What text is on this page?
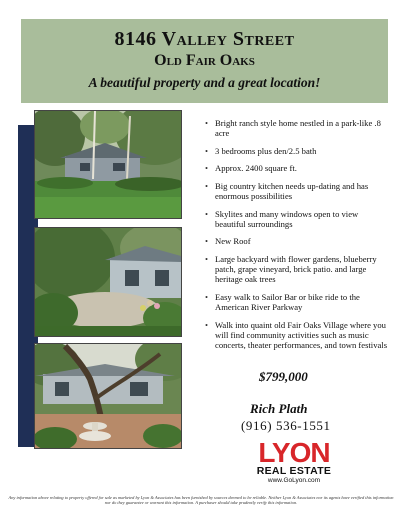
8146 Valley Street
Old Fair Oaks
A beautiful property and a great location!
• Bright ranch style home nestled in a park-like .8 acre
• 3 bedrooms plus den/2.5 bath
• Approx. 2400 square ft.
• Big country kitchen needs up-dating and has enormous possibilities
• Skylites and many windows open to view beautiful surroundings
• New Roof
• Large backyard with flower gardens, blueberry patch, grape vineyard, brick patio. and large heritage oak trees
• Easy walk to Sailor Bar or bike ride to the American River Parkway
• Walk into quaint old Fair Oaks Village where you will find community activities such as music concerts, theater performances, and town festivals
$799,000
Rich Plath
(916) 536-1551
LYON
REAL ESTATE
www.GoLyon.com
Any information above relating to property offered for sale as marketed by Lyon & Associates has been furnished by sources deemed to be reliable. Neither Lyon & Associates nor its agents have verified this information nor do they guarantee or warrant this information. A purchaser should take prudently verify this information.
